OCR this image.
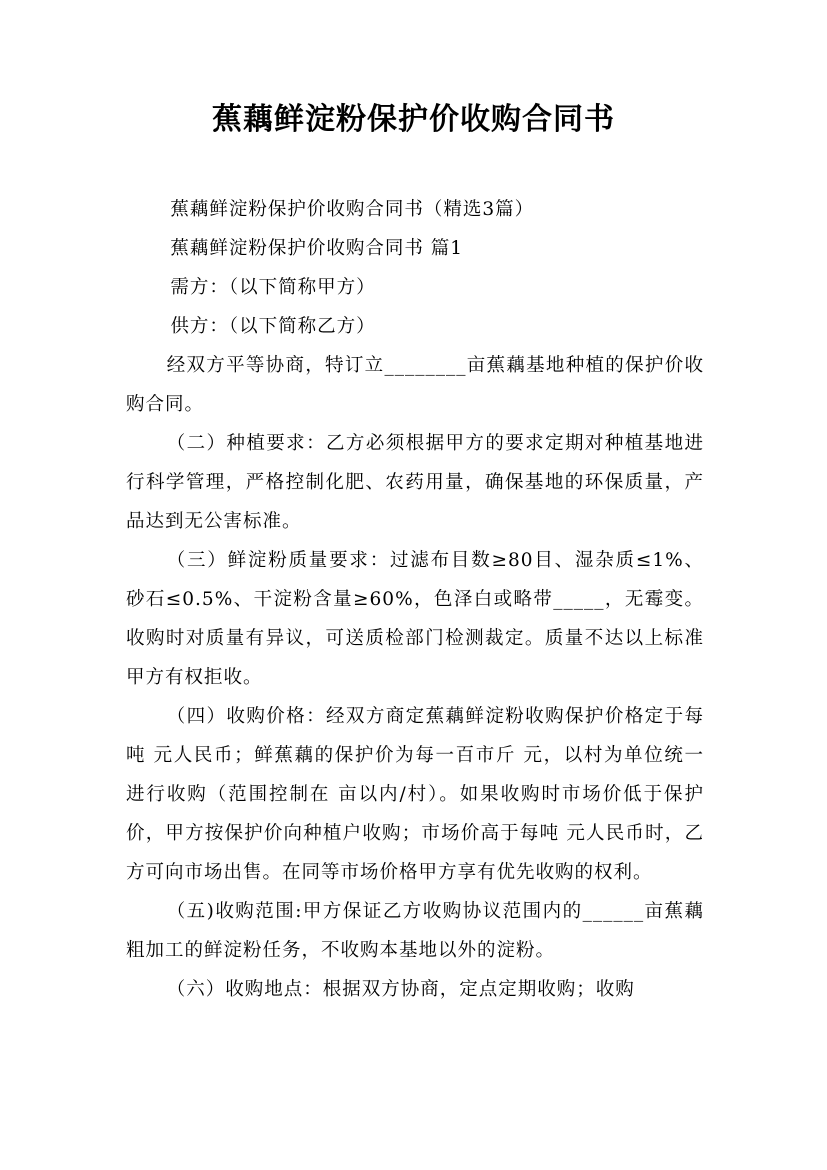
蕉藕鲜淀粉保护价收购合同书

蕉藕鲜淀粉保护价收购合同书（精选3篇）

蕉藕鲜淀粉保护价收购合同书 篇1

需方：（以下简称甲方）

供方：（以下简称乙方）

经双方平等协商，特订立________亩蕉藕基地种植的保护价收购合同。

（二）种植要求：乙方必须根据甲方的要求定期对种植基地进行科学管理，严格控制化肥、农药用量，确保基地的环保质量，产品达到无公害标准。

（三）鲜淀粉质量要求：过滤布目数≥80目、湿杂质≤1%、砂石≤0.5%、干淀粉含量≥60%，色泽白或略带_____，无霉变。收购时对质量有异议，可送质检部门检测裁定。质量不达以上标准甲方有权拒收。

（四）收购价格：经双方商定蕉藕鲜淀粉收购保护价格定于每吨 元人民币；鲜蕉藕的保护价为每一百市斤 元，以村为单位统一进行收购（范围控制在 亩以内/村）。如果收购时市场价低于保护价，甲方按保护价向种植户收购；市场价高于每吨 元人民币时，乙方可向市场出售。在同等市场价格甲方享有优先收购的权利。

（五)收购范围:甲方保证乙方收购协议范围内的______亩蕉藕粗加工的鲜淀粉任务，不收购本基地以外的淀粉。

（六）收购地点：根据双方协商，定点定期收购；收购
